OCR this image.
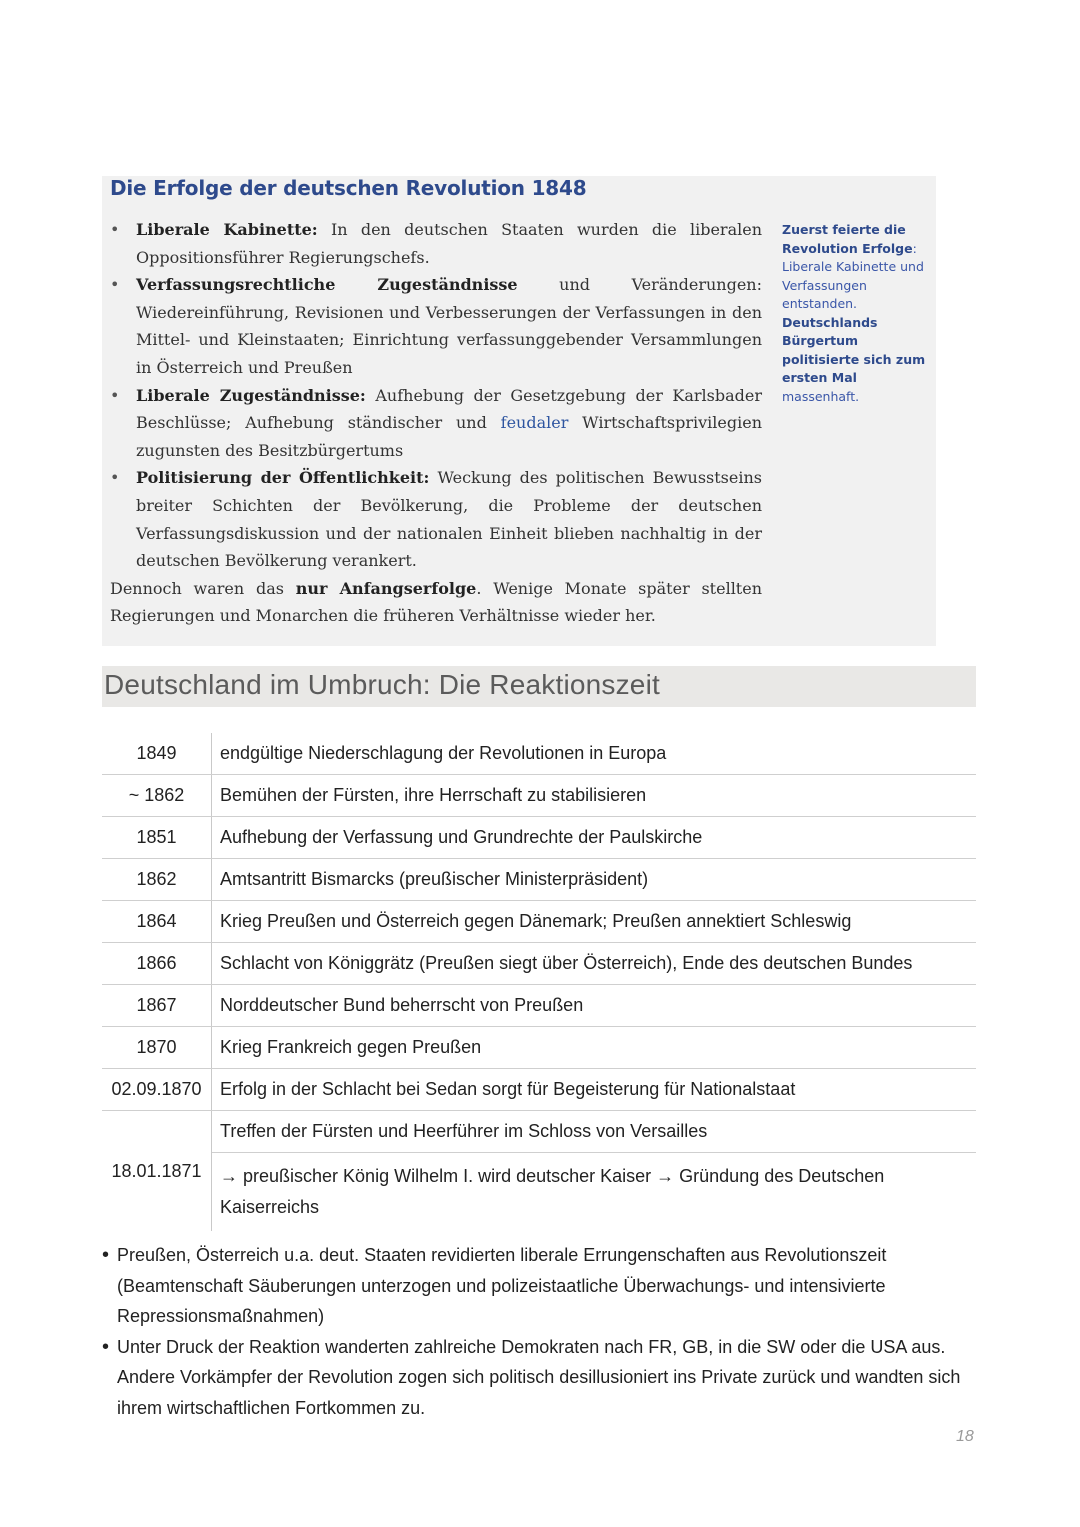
Die Erfolge der deutschen Revolution 1848
• Liberale Kabinette: In den deutschen Staaten wurden die liberalen Oppositionsführer Regierungschefs.
• Verfassungsrechtliche Zugeständnisse und Veränderungen: Wiedereinführung, Revisionen und Verbesserungen der Verfassungen in den Mittel- und Kleinstaaten; Einrichtung verfassunggebender Versammlungen in Österreich und Preußen
• Liberale Zugeständnisse: Aufhebung der Gesetzgebung der Karlsbader Beschlüsse; Aufhebung ständischer und feudaler Wirtschaftsprivilegien zugunsten des Besitzbürgertums
• Politisierung der Öffentlichkeit: Weckung des politischen Bewusstseins breiter Schichten der Bevölkerung, die Probleme der deutschen Verfassungsdiskussion und der nationalen Einheit blieben nachhaltig in der deutschen Bevölkerung verankert.

Dennoch waren das nur Anfangserfolge. Wenige Monate später stellten Regierungen und Monarchen die früheren Verhältnisse wieder her.

Zuerst feierte die Revolution Erfolge: Liberale Kabinette und Verfassungen entstanden. Deutschlands Bürgertum politisierte sich zum ersten Mal massenhaft.
Deutschland im Umbruch: Die Reaktionszeit
1849	endgültige Niederschlagung der Revolutionen in Europa
~ 1862	Bemühen der Fürsten, ihre Herrschaft zu stabilisieren
1851	Aufhebung der Verfassung und Grundrechte der Paulskirche
1862	Amtsantritt Bismarcks (preußischer Ministerpräsident)
1864	Krieg Preußen und Österreich gegen Dänemark; Preußen annektiert Schleswig
1866	Schlacht von Königgrätz (Preußen siegt über Österreich), Ende des deutschen Bundes
1867	Norddeutscher Bund beherrscht von Preußen
1870	Krieg Frankreich gegen Preußen
02.09.1870	Erfolg in der Schlacht bei Sedan sorgt für Begeisterung für Nationalstaat
18.01.1871	Treffen der Fürsten und Heerführer im Schloss von Versailles
	→ preußischer König Wilhelm I. wird deutscher Kaiser → Gründung des Deutschen Kaiserreichs
• Preußen, Österreich u.a. deut. Staaten revidierten liberale Errungenschaften aus Revolutionszeit (Beamtenschaft Säuberungen unterzogen und polizeistaatliche Überwachungs- und intensivierte Repressionsmaßnahmen)
• Unter Druck der Reaktion wanderten zahlreiche Demokraten nach FR, GB, in die SW oder die USA aus. Andere Vorkämpfer der Revolution zogen sich politisch desillusioniert ins Private zurück und wandten sich ihrem wirtschaftlichen Fortkommen zu.
18
